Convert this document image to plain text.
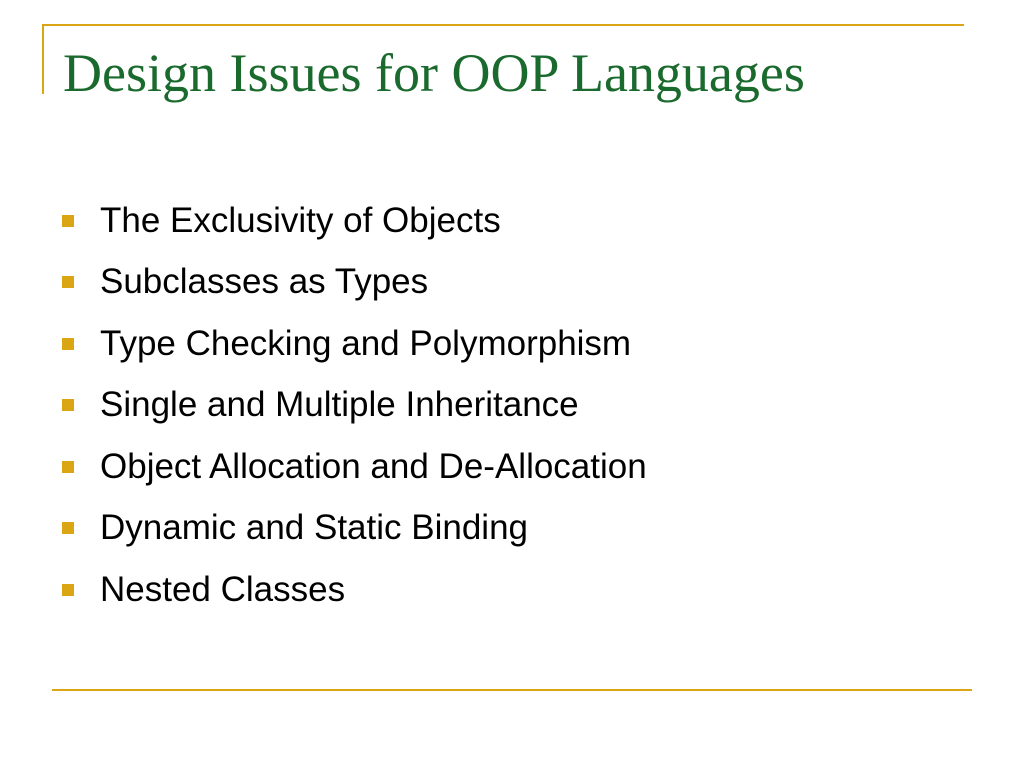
Design Issues for OOP Languages
The Exclusivity of Objects
Subclasses as Types
Type Checking and Polymorphism
Single and Multiple Inheritance
Object Allocation and De-Allocation
Dynamic and Static Binding
Nested Classes
